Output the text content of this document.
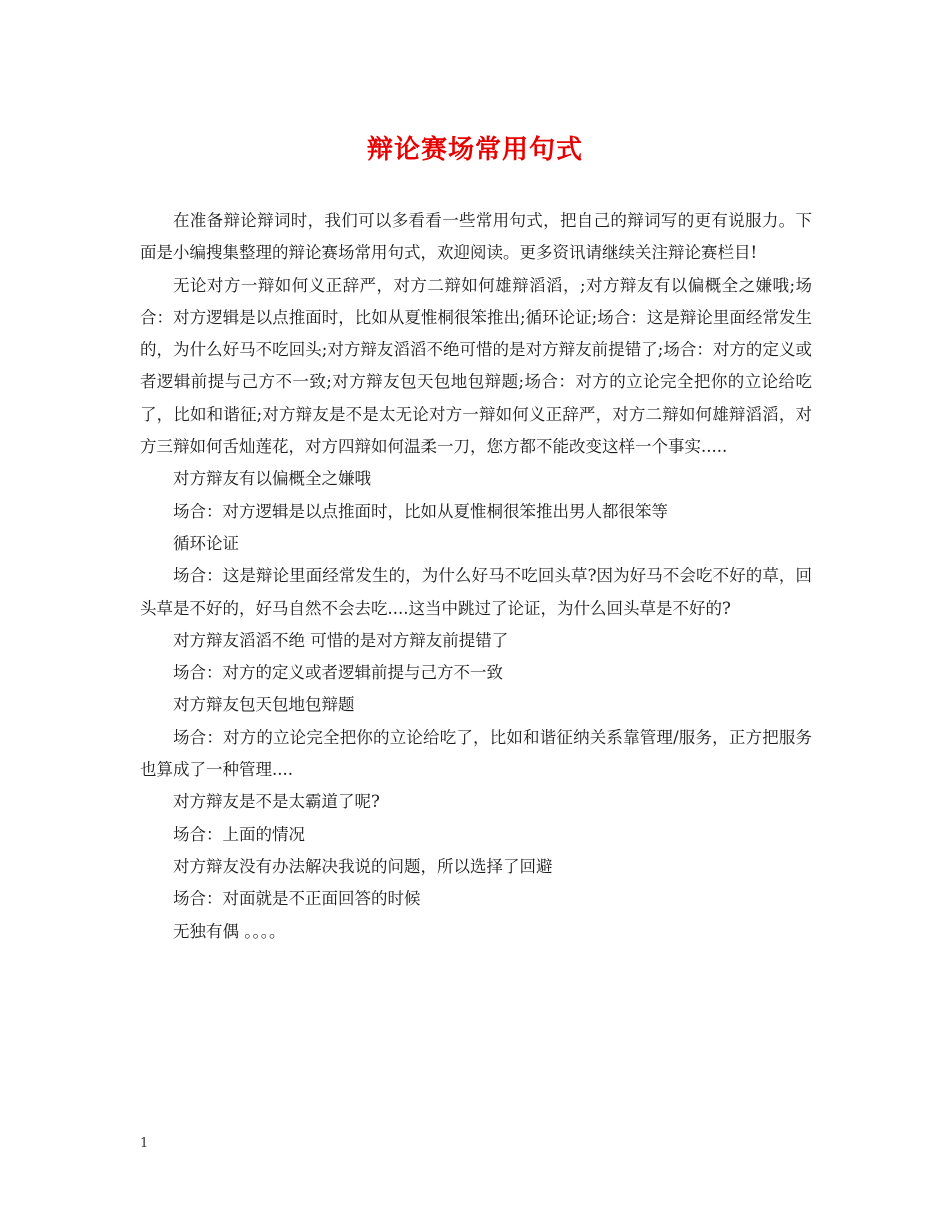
辩论赛场常用句式

在准备辩论辩词时，我们可以多看看一些常用句式，把自己的辩词写的更有说服力。下面是小编搜集整理的辩论赛场常用句式，欢迎阅读。更多资讯请继续关注辩论赛栏目!

无论对方一辩如何义正辞严，对方二辩如何雄辩滔滔，;对方辩友有以偏概全之嫌哦;场合：对方逻辑是以点推面时，比如从夏惟桐很笨推出;循环论证;场合：这是辩论里面经常发生的，为什么好马不吃回头;对方辩友滔滔不绝可惜的是对方辩友前提错了;场合：对方的定义或者逻辑前提与己方不一致;对方辩友包天包地包辩题;场合：对方的立论完全把你的立论给吃了，比如和谐征;对方辩友是不是太无论对方一辩如何义正辞严，对方二辩如何雄辩滔滔，对方三辩如何舌灿莲花，对方四辩如何温柔一刀，您方都不能改变这样一个事实.....

对方辩友有以偏概全之嫌哦

场合：对方逻辑是以点推面时，比如从夏惟桐很笨推出男人都很笨等

循环论证

场合：这是辩论里面经常发生的，为什么好马不吃回头草?因为好马不会吃不好的草，回头草是不好的，好马自然不会去吃....这当中跳过了论证，为什么回头草是不好的?

对方辩友滔滔不绝 可惜的是对方辩友前提错了

场合：对方的定义或者逻辑前提与己方不一致

对方辩友包天包地包辩题

场合：对方的立论完全把你的立论给吃了，比如和谐征纳关系靠管理/服务，正方把服务也算成了一种管理....

对方辩友是不是太霸道了呢?

场合：上面的情况

对方辩友没有办法解决我说的问题，所以选择了回避

场合：对面就是不正面回答的时候

无独有偶 。。。。

1
